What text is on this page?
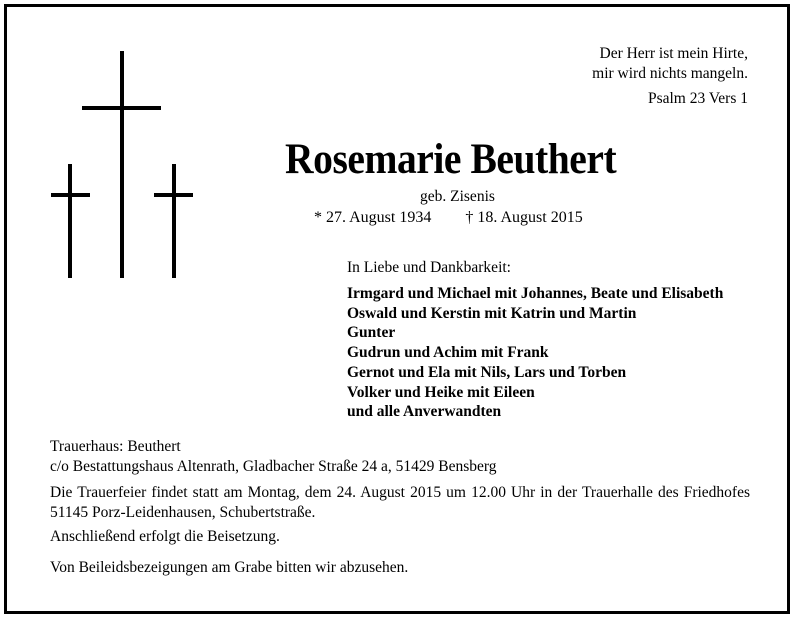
Der Herr ist mein Hirte,
mir wird nichts mangeln.
Psalm 23 Vers 1
Rosemarie Beuthert
geb. Zisenis
* 27. August 1934 † 18. August 2015
In Liebe und Dankbarkeit:
Irmgard und Michael mit Johannes, Beate und Elisabeth
Oswald und Kerstin mit Katrin und Martin
Gunter
Gudrun und Achim mit Frank
Gernot und Ela mit Nils, Lars und Torben
Volker und Heike mit Eileen
und alle Anverwandten

Trauerhaus: Beuthert

c/o Bestattungshaus Altenrath, Gladbacher Straße 24 a, 51429 Bensberg

Die Trauerfeier findet statt am Montag, dem 24. August 2015 um 12.00 Uhr in der Trauerhalle des Friedhofes 51145 Porz-Leidenhausen, Schubertstraße.
Anschließend erfolgt die Beisetzung.
Von Beileidsbezeigungen am Grabe bitten wir abzusehen.
